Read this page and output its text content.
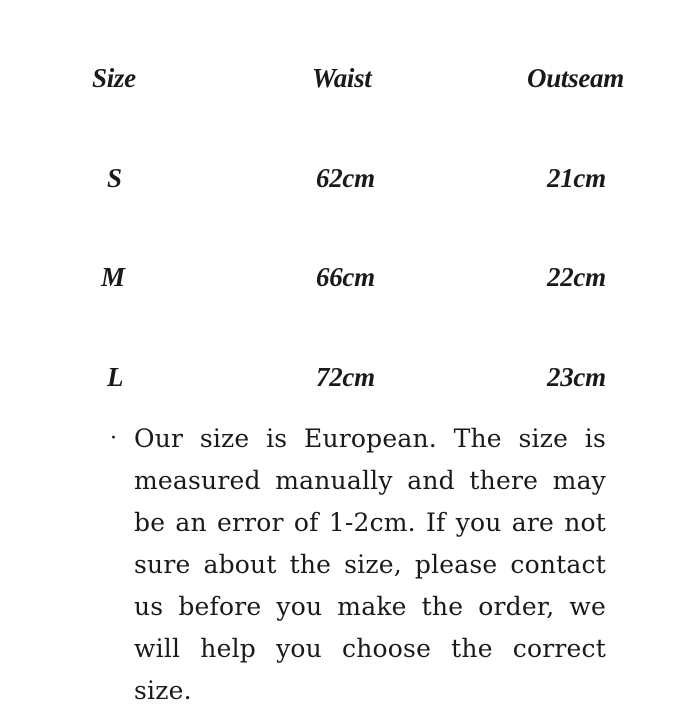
Size	Waist	Outseam
S	62cm	21cm
M	66cm	22cm
L	72cm	23cm
· Our size is European. The size is measured manually and there may be an error of 1-2cm. If you are not sure about the size, please contact us before you make the order, we will help you choose the correct size.
